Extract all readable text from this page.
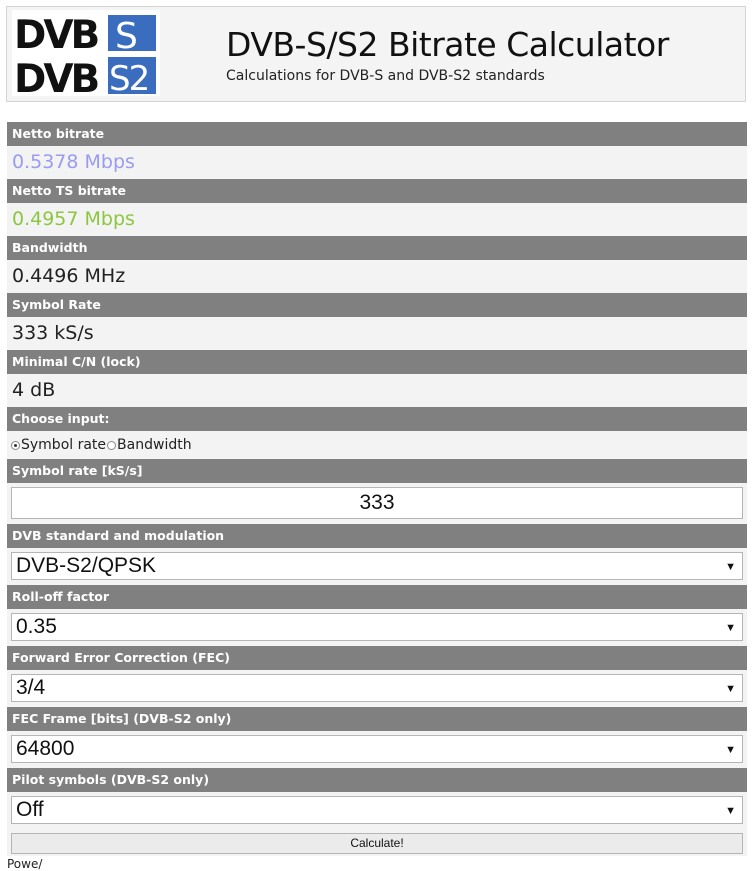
DVB S
DVB S2
DVB-S/S2 Bitrate Calculator
Calculations for DVB-S and DVB-S2 standards
Netto bitrate
0.5378 Mbps
Netto TS bitrate
0.4957 Mbps
Bandwidth
0.4496 MHz
Symbol Rate
333 kS/s
Minimal C/N (lock)
4 dB
Choose input:
Symbol rate Bandwidth
Symbol rate [kS/s]
333
DVB standard and modulation
DVB-S2/QPSK	▼
Roll-off factor
0.35	▼
Forward Error Correction (FEC)
3/4	▼
FEC Frame [bits] (DVB-S2 only)
64800	▼
Pilot symbols (DVB-S2 only)
Off	▼
Calculate!
Powe/
